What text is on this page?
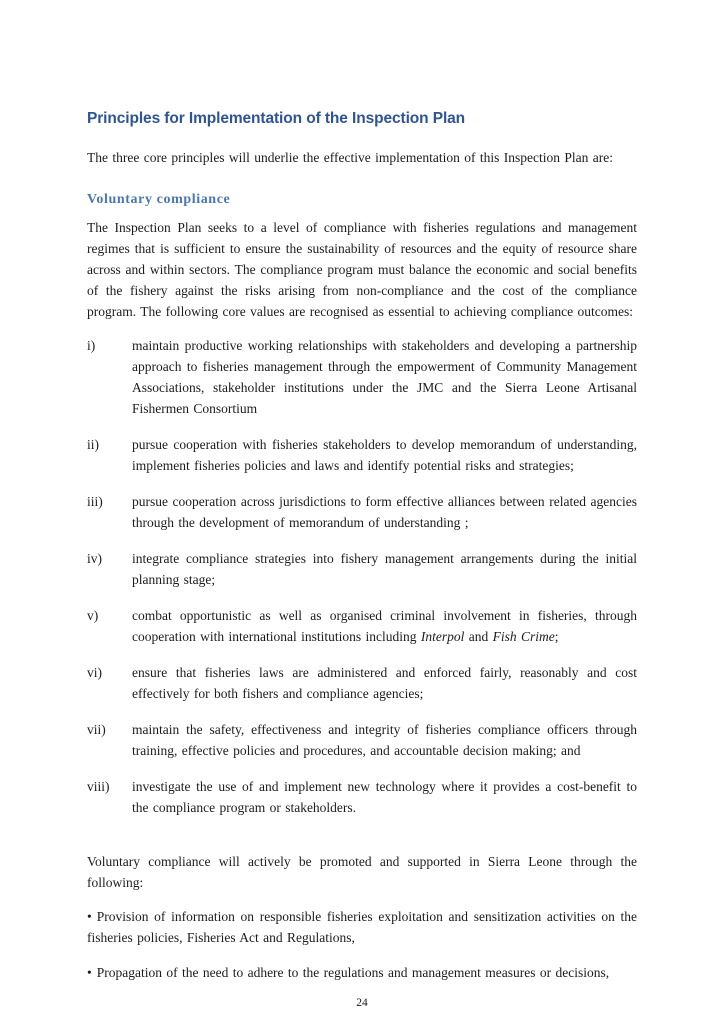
Principles for Implementation of the Inspection Plan

The three core principles will underlie the effective implementation of this Inspection Plan are:

Voluntary compliance

The Inspection Plan seeks to a level of compliance with fisheries regulations and management regimes that is sufficient to ensure the sustainability of resources and the equity of resource share across and within sectors. The compliance program must balance the economic and social benefits of the fishery against the risks arising from non-compliance and the cost of the compliance program. The following core values are recognised as essential to achieving compliance outcomes:

i)	maintain productive working relationships with stakeholders and developing a partnership approach to fisheries management through the empowerment of Community Management Associations, stakeholder institutions under the JMC and the Sierra Leone Artisanal Fishermen Consortium
ii)	pursue cooperation with fisheries stakeholders to develop memorandum of understanding, implement fisheries policies and laws and identify potential risks and strategies;
iii)	pursue cooperation across jurisdictions to form effective alliances between related agencies through the development of memorandum of understanding ;
iv)	integrate compliance strategies into fishery management arrangements during the initial planning stage;
v)	combat opportunistic as well as organised criminal involvement in fisheries, through cooperation with international institutions including Interpol and Fish Crime;
vi)	ensure that fisheries laws are administered and enforced fairly, reasonably and cost effectively for both fishers and compliance agencies;
vii)	maintain the safety, effectiveness and integrity of fisheries compliance officers through training, effective policies and procedures, and accountable decision making; and
viii)	investigate the use of and implement new technology where it provides a cost-benefit to the compliance program or stakeholders.

Voluntary compliance will actively be promoted and supported in Sierra Leone through the following:

• Provision of information on responsible fisheries exploitation and sensitization activities on the fisheries policies, Fisheries Act and Regulations,

• Propagation of the need to adhere to the regulations and management measures or decisions,

24
